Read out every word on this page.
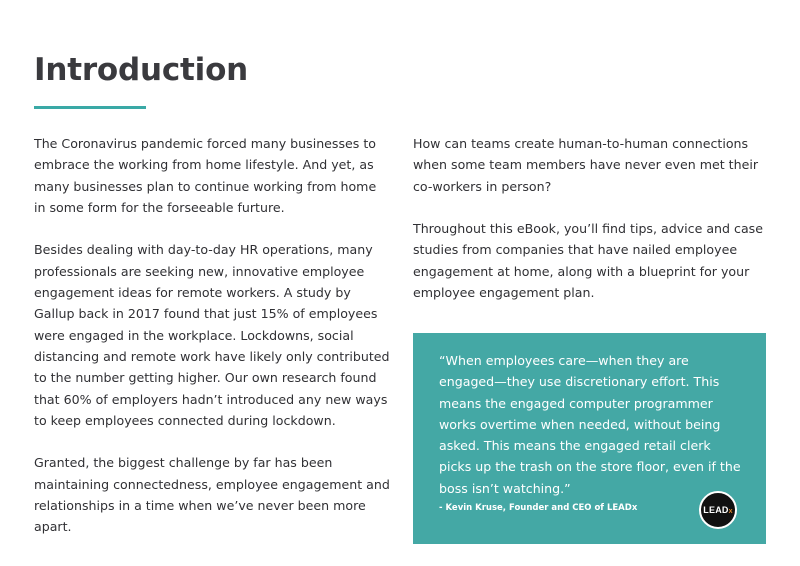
Introduction

The Coronavirus pandemic forced many businesses to embrace the working from home lifestyle. And yet, as many businesses plan to continue working from home in some form for the forseeable furture.

Besides dealing with day-to-day HR operations, many professionals are seeking new, innovative employee engagement ideas for remote workers. A study by Gallup back in 2017 found that just 15% of employees were engaged in the workplace. Lockdowns, social distancing and remote work have likely only contributed to the number getting higher. Our own research found that 60% of employers hadn’t introduced any new ways to keep employees connected during lockdown.

Granted, the biggest challenge by far has been maintaining connectedness, employee engagement and relationships in a time when we’ve never been more apart.

How can teams create human-to-human connections when some team members have never even met their co-workers in person?

Throughout this eBook, you’ll find tips, advice and case studies from companies that have nailed employee engagement at home, along with a blueprint for your employee engagement plan.

“When employees care—when they are engaged—they use discretionary effort. This means the engaged computer programmer works overtime when needed, without being asked. This means the engaged retail clerk picks up the trash on the store floor, even if the boss isn’t watching.”

- Kevin Kruse, Founder and CEO of LEADx	LEADx
